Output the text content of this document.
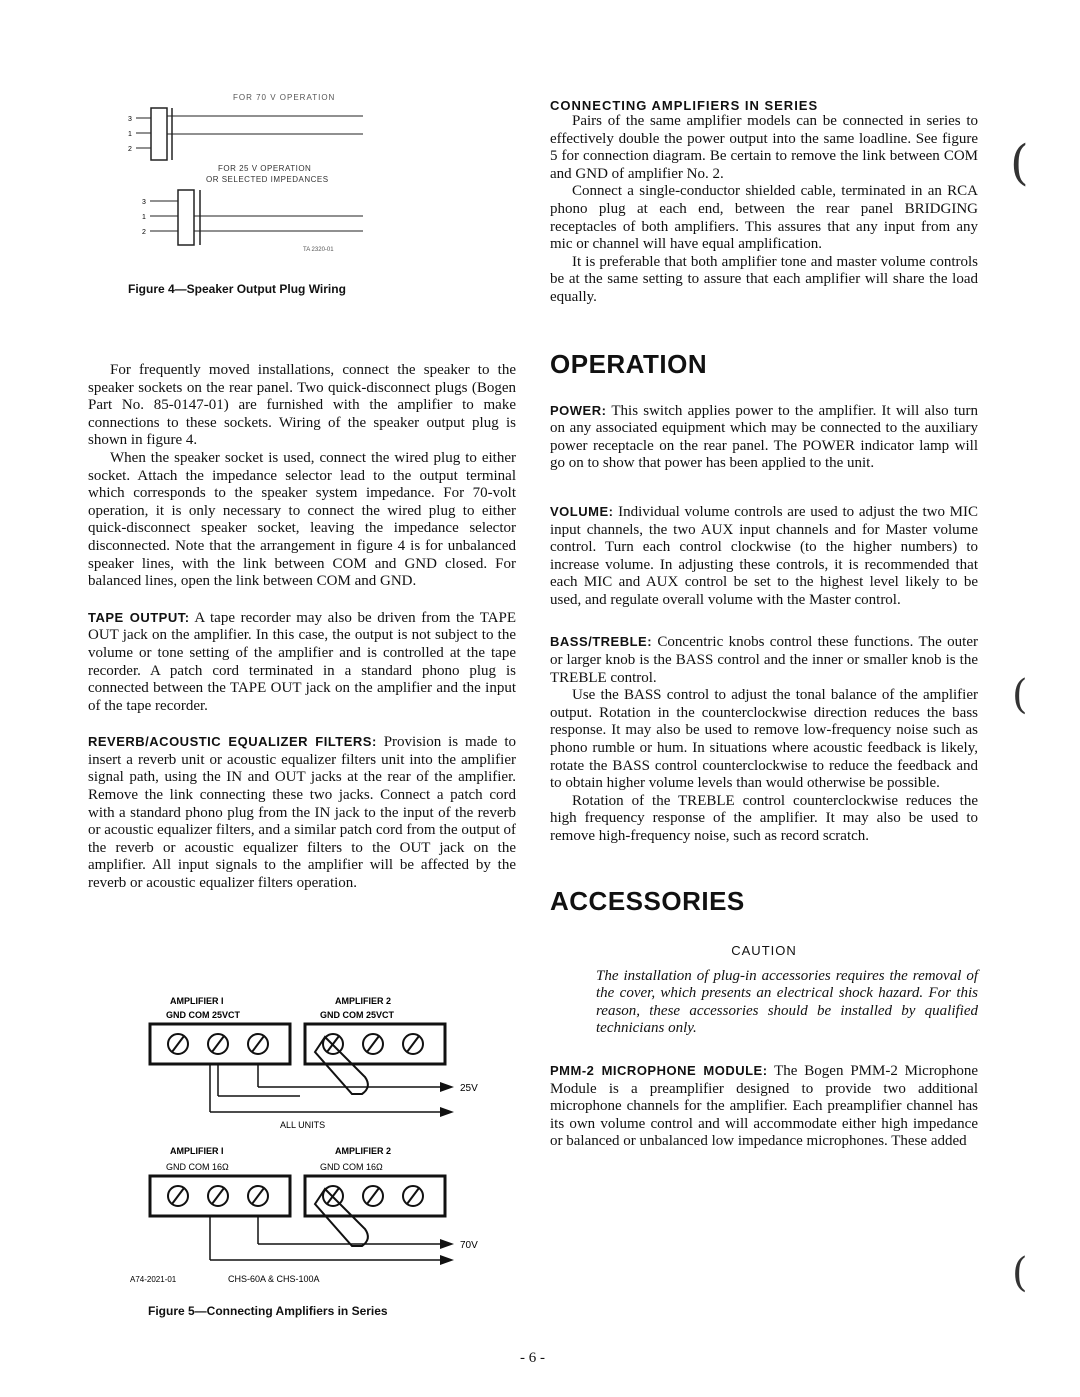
FOR 70 V OPERATION
3
1
2
FOR 25 V OPERATION
OR SELECTED IMPEDANCES
3
1
2
TA 2320-01
Figure 4—Speaker Output Plug Wiring

For frequently moved installations, connect the speaker to the speaker sockets on the rear panel. Two quick-disconnect plugs (Bogen Part No. 85-0147-01) are furnished with the amplifier to make connections to these sockets. Wiring of the speaker output plug is shown in figure 4.

When the speaker socket is used, connect the wired plug to either socket. Attach the impedance selector lead to the output terminal which corresponds to the speaker system impedance. For 70-volt operation, it is only necessary to connect the wired plug to either quick-disconnect speaker socket, leaving the impedance selector disconnected. Note that the arrangement in figure 4 is for unbalanced speaker lines, with the link between COM and GND closed. For balanced lines, open the link between COM and GND.

TAPE OUTPUT: A tape recorder may also be driven from the TAPE OUT jack on the amplifier. In this case, the output is not subject to the volume or tone setting of the amplifier and is controlled at the tape recorder. A patch cord terminated in a standard phono plug is connected between the TAPE OUT jack on the amplifier and the input of the tape recorder.

REVERB/ACOUSTIC EQUALIZER FILTERS: Provision is made to insert a reverb unit or acoustic equalizer filters unit into the amplifier signal path, using the IN and OUT jacks at the rear of the amplifier. Remove the link connecting these two jacks. Connect a patch cord with a standard phono plug from the IN jack to the input of the reverb or acoustic equalizer filters, and a similar patch cord from the output of the reverb or acoustic equalizer filters to the OUT jack on the amplifier. All input signals to the amplifier will be affected by the reverb or acoustic equalizer filters operation.

AMPLIFIER I	AMPLIFIER 2
GND COM 25VCT	GND COM 25VCT
25V
ALL UNITS
AMPLIFIER I	AMPLIFIER 2
GND COM 16Ω	GND COM 16Ω
70V
A74-2021-01	CHS-60A & CHS-100A
Figure 5—Connecting Amplifiers in Series
CONNECTING AMPLIFIERS IN SERIES

Pairs of the same amplifier models can be connected in series to effectively double the power output into the same loadline. See figure 5 for connection diagram. Be certain to remove the link between COM and GND of amplifier No. 2.

Connect a single-conductor shielded cable, terminated in an RCA phono plug at each end, between the rear panel BRIDGING receptacles of both amplifiers. This assures that any input from any mic or channel will have equal amplification.

It is preferable that both amplifier tone and master volume controls be at the same setting to assure that each amplifier will share the load equally.

OPERATION

POWER: This switch applies power to the amplifier. It will also turn on any associated equipment which may be connected to the auxiliary power receptacle on the rear panel. The POWER indicator lamp will go on to show that power has been applied to the unit.

VOLUME: Individual volume controls are used to adjust the two MIC input channels, the two AUX input channels and for Master volume control. Turn each control clockwise (to the higher numbers) to increase volume. In adjusting these controls, it is recommended that each MIC and AUX control be set to the highest level likely to be used, and regulate overall volume with the Master control.

BASS/TREBLE: Concentric knobs control these functions. The outer or larger knob is the BASS control and the inner or smaller knob is the TREBLE control.

Use the BASS control to adjust the tonal balance of the amplifier output. Rotation in the counterclockwise direction reduces the bass response. It may also be used to remove low-frequency noise such as phono rumble or hum. In situations where acoustic feedback is likely, rotate the BASS control counterclockwise to reduce the feedback and to obtain higher volume levels than would otherwise be possible.

Rotation of the TREBLE control counterclockwise reduces the high frequency response of the amplifier. It may also be used to remove high-frequency noise, such as record scratch.

ACCESSORIES
CAUTION

The installation of plug-in accessories requires the removal of the cover, which presents an electrical shock hazard. For this reason, these accessories should be installed by qualified technicians only.

PMM-2 MICROPHONE MODULE: The Bogen PMM-2 Microphone Module is a preamplifier designed to provide two additional microphone channels for the amplifier. Each preamplifier channel has its own volume control and will accommodate either high impedance or balanced or unbalanced low impedance microphones. These added

(
(
(
- 6 -
